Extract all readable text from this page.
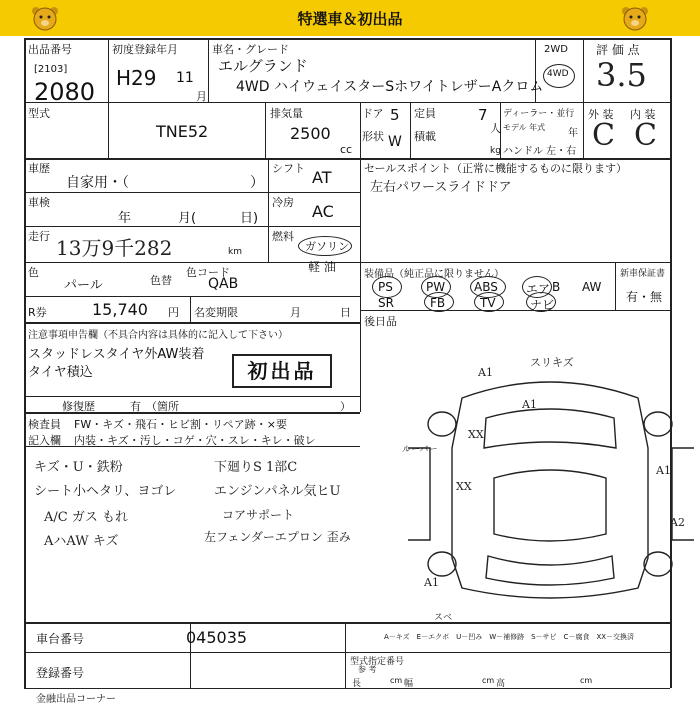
特選車＆初出品
出品番号
[2103]
2080
初度登録年月
H29 11
月
車名・グレード
エルグランド
4WD ハイウェイスターSホワイトレザーAクロム
2WD
4WD
評 価 点
3.5
型式
TNE52
排気量
2500
cc
ドア 5
形状 W
定員	7
人
積載
kg
ディーラー・並行
モデル 年式
年
ハンドル 左・右
外 装 内 装
C C
車歴
自家用・（	）
シフト AT
車検
年	月(	日)
冷房 AC
走行 13万9千282	km
燃料
ガソリン
軽 油
色
パール	色替
色コード
QAB
R券	15,740 円 名変期限	月	日
セールスポイント（正常に機能するものに限ります）
左右パワースライドドア
装備品（純正品に限りません）
PS	PW ABS エア B AW
SR	FB	TV	ナビ
新車保証書
有・無
後日品
注意事項申告欄（不具合内容は具体的に記入して下さい）
スタッドレスタイヤ外AW装着
タイヤ積込	初出品
修復歴	有 （箇所	）
検査員
記入欄
FW・キズ・飛石・ヒビ割・リペア跡・×要
内装・キズ・汚し・コゲ・穴・スレ・キレ・破レ
キズ・U・鉄粉
シート小ヘタリ、ヨゴレ
A/C ガス もれ
AハAW キズ
下廻りS 1部C
エンジンパネル気ヒU
コアサポート
左フェンダーエプロン 歪み
A1
スリキズ
A1
XX
XX
A1
A2
A1
スベ
ルーバー
A－キズ　E－エクボ　U－凹み　W－補修跡　S－サビ　C－腐食　XX－交換済
車台番号	045035
登録番号
型式指定番号
参 考
長	cm 幅	cm 高	cm
金融出品コーナー
